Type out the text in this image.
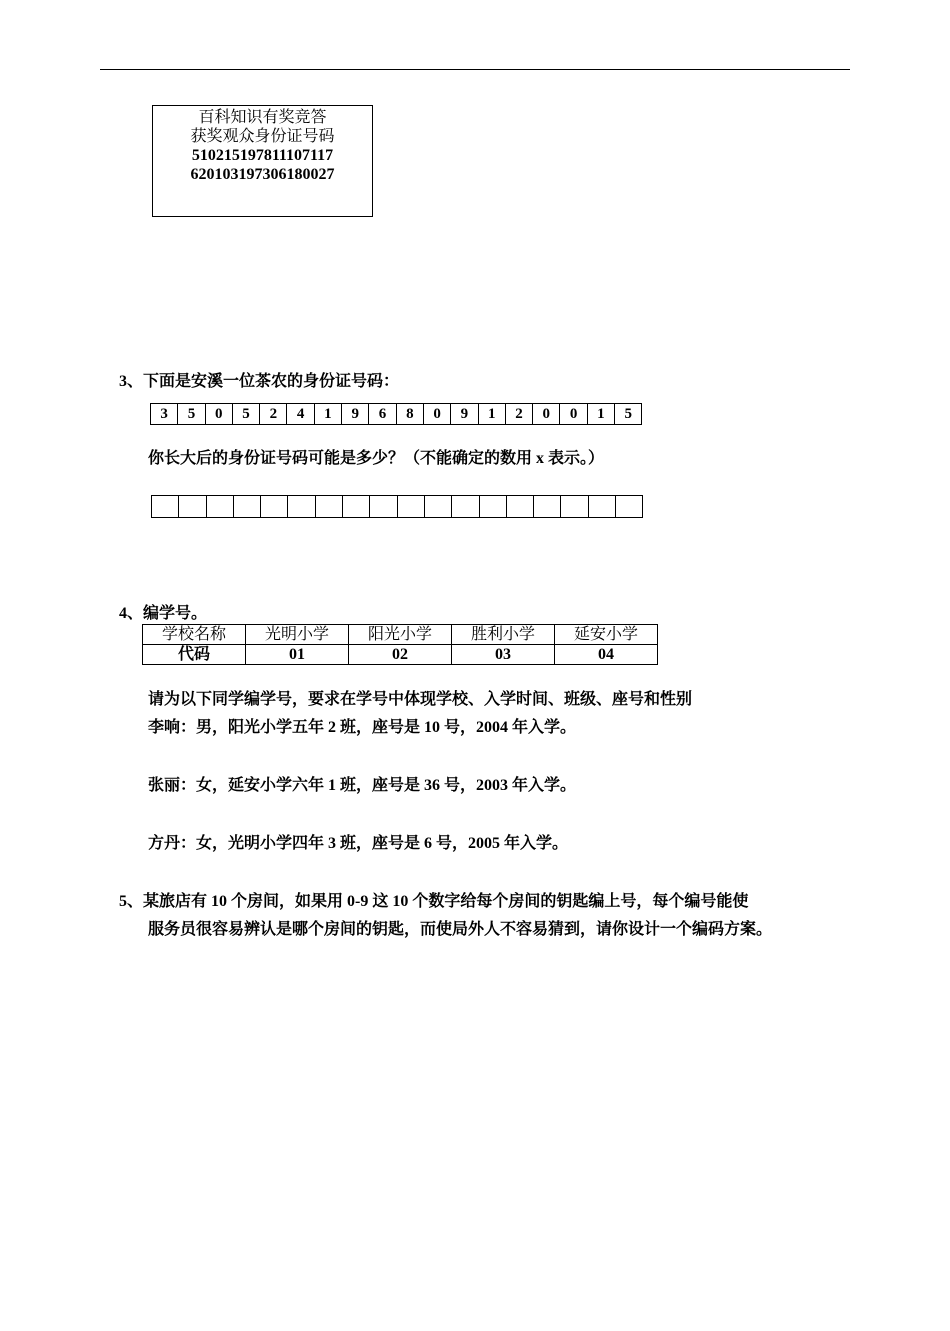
百科知识有奖竞答
获奖观众身份证号码
510215197811107117
620103197306180027
3、下面是安溪一位茶农的身份证号码：
3	5	0	5	2	4	1	9	6	8	0	9	1	2	0	0	1	5
你长大后的身份证号码可能是多少？（不能确定的数用 x 表示。）

4、编学号。
学校名称	光明小学	阳光小学	胜利小学	延安小学
代码	01	02	03	04
请为以下同学编学号，要求在学号中体现学校、入学时间、班级、座号和性别
李响：男，阳光小学五年 2 班，座号是 10 号，2004 年入学。
张丽：女，延安小学六年 1 班，座号是 36 号，2003 年入学。
方丹：女，光明小学四年 3 班，座号是 6 号，2005 年入学。
5、某旅店有 10 个房间，如果用 0-9 这 10 个数字给每个房间的钥匙编上号，每个编号能使
服务员很容易辨认是哪个房间的钥匙，而使局外人不容易猜到，请你设计一个编码方案。
